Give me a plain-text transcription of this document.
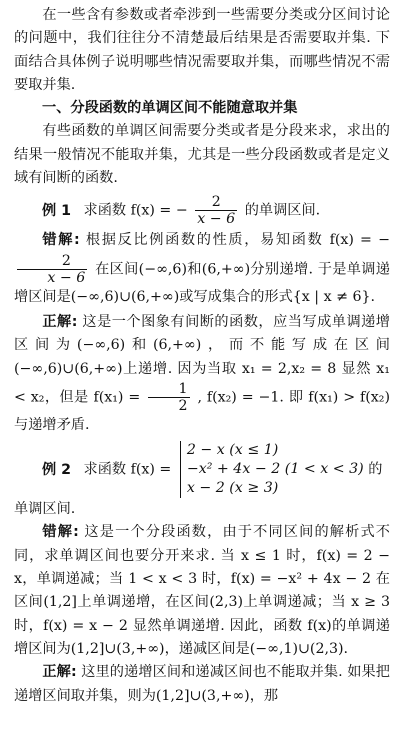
在一些含有参数或者牵涉到一些需要分类或分区间讨论的问题中，我们往往分不清楚最后结果是否需要取并集. 下面结合具体例子说明哪些情况需要取并集，而哪些情况不需要取并集.

一、分段函数的单调区间不能随意取并集

有些函数的单调区间需要分类或者是分段来求，求出的结果一般情况不能取并集，尤其是一些分段函数或者是定义域有间断的函数.

例 1 求函数 f(x) = − $\frac{2}{x - 6}$ 的单调区间.

错解: 根据反比例函数的性质，易知函数 f(x) = −
$\frac{2}{x - 6}$ 在区间(−∞,6)和(6,+∞)分别递增. 于是单调递增区间是(−∞,6)∪(6,+∞)或写成集合的形式{x | x ≠ 6}.

正解: 这是一个图象有间断的函数，应当写成单调递增区间为(−∞,6)和(6,+∞)，而不能写成在区间(−∞,6)∪(6,+∞)上递增. 因为当取 x₁ = 2,x₂ = 8 显然 x₁ < x₂，但是 $f(x_1) = \frac{1}{2}$ , f(x₂) = −1. 即 f(x₁) > f(x₂) 与递增矛盾.

例 2 求函数 f(x) =
2 − x (x ≤ 1)
−x² + 4x − 2 (1 < x < 3)
x − 2 (x ≥ 3)
的

单调区间.

错解: 这是一个分段函数，由于不同区间的解析式不同，求单调区间也要分开来求. 当 x ≤ 1 时，f(x) = 2 − x，单调递减；当 1 < x < 3 时，f(x) = −x² + 4x − 2 在区间(1,2]上单调递增，在区间(2,3)上单调递减；当 x ≥ 3 时，f(x) = x − 2 显然单调递增. 因此，函数 f(x)的单调递增区间为(1,2]∪(3,+∞)，递减区间是(−∞,1)∪(2,3).

正解: 这里的递增区间和递减区间也不能取并集. 如果把递增区间取并集，则为(1,2]∪(3,+∞)，那
